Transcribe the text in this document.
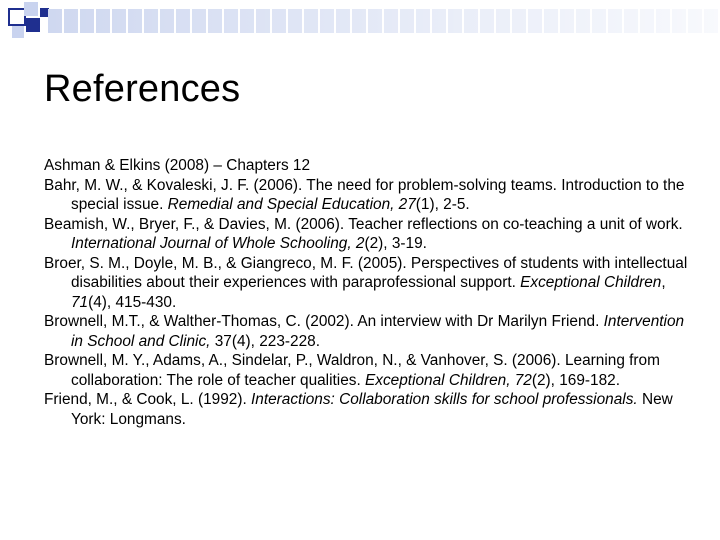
References

Ashman & Elkins (2008) – Chapters 12

Bahr, M. W., & Kovaleski, J. F. (2006). The need for problem-solving teams. Introduction to the special issue. Remedial and Special Education, 27(1), 2-5.

Beamish, W., Bryer, F., & Davies, M. (2006). Teacher reflections on co-teaching a unit of work. International Journal of Whole Schooling, 2(2), 3-19.

Broer, S. M., Doyle, M. B., & Giangreco, M. F. (2005). Perspectives of students with intellectual disabilities about their experiences with paraprofessional support. Exceptional Children, 71(4), 415-430.

Brownell, M.T., & Walther-Thomas, C. (2002). An interview with Dr Marilyn Friend. Intervention in School and Clinic, 37(4), 223-228.

Brownell, M. Y., Adams, A., Sindelar, P., Waldron, N., & Vanhover, S. (2006). Learning from collaboration: The role of teacher qualities. Exceptional Children, 72(2), 169-182.

Friend, M., & Cook, L. (1992). Interactions: Collaboration skills for school professionals. New York: Longmans.
